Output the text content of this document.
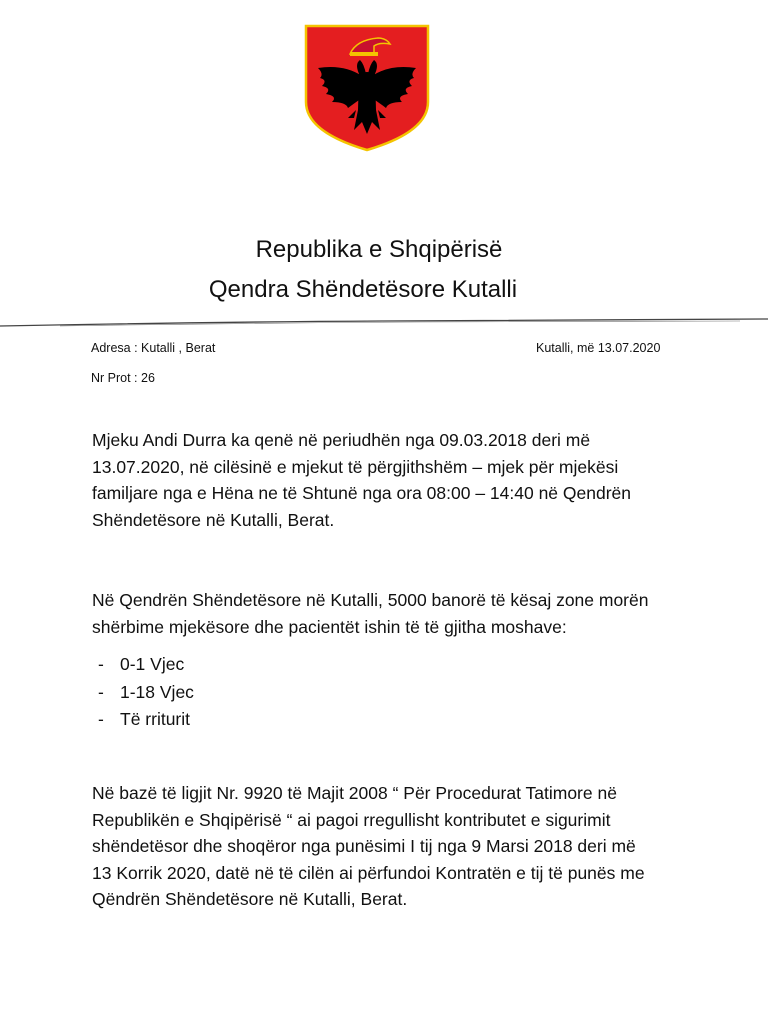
Republika e Shqipërisë
Qendra Shëndetësore Kutalli
Adresa : Kutalli , Berat	Kutalli, më 13.07.2020
Nr Prot : 26
Mjeku Andi Durra ka qenë në periudhën nga 09.03.2018 deri më
13.07.2020, në cilësinë e mjekut të përgjithshëm – mjek për mjekësi
familjare nga e Hëna ne të Shtunë nga ora 08:00 – 14:40 në Qendrën
Shëndetësore në Kutalli, Berat.
Në Qendrën Shëndetësore në Kutalli, 5000 banorë të kësaj zone morën
shërbime mjekësore dhe pacientët ishin të të gjitha moshave:
- 0-1 Vjec
- 1-18 Vjec
- Të rriturit
Në bazë të ligjit Nr. 9920 të Majit 2008 “ Për Procedurat Tatimore në
Republikën e Shqipërisë “ ai pagoi rregullisht kontributet e sigurimit
shëndetësor dhe shoqëror nga punësimi I tij nga 9 Marsi 2018 deri më
13 Korrik 2020, datë në të cilën ai përfundoi Kontratën e tij të punës me
Qëndrën Shëndetësore në Kutalli, Berat.
